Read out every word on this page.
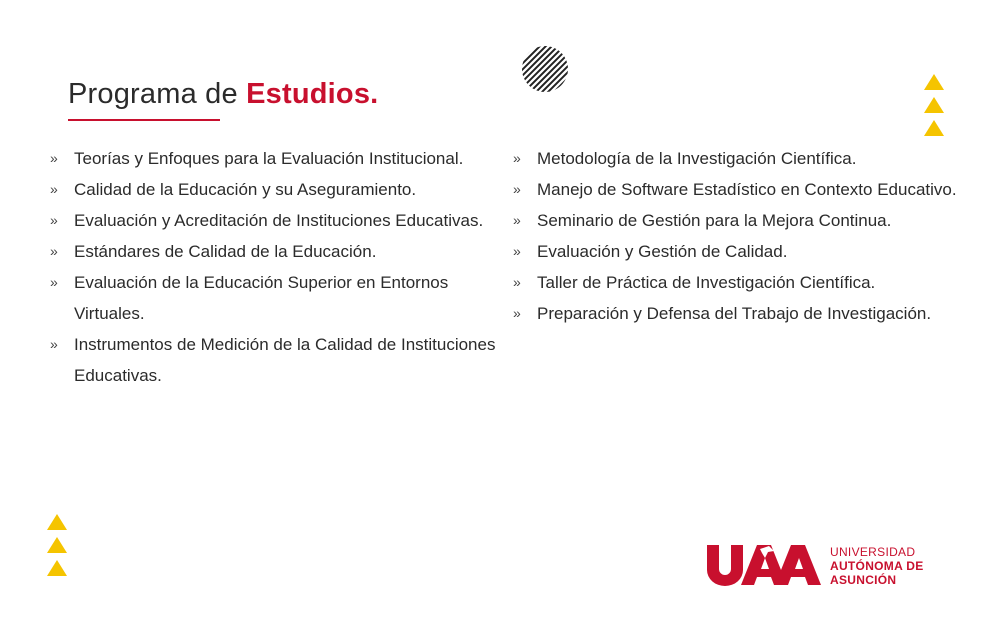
Programa de Estudios.
» Teorías y Enfoques para la Evaluación Institucional.
» Calidad de la Educación y su Aseguramiento.
» Evaluación y Acreditación de Instituciones Educativas.
» Estándares de Calidad de la Educación.
» Evaluación de la Educación Superior en Entornos Virtuales.
» Instrumentos de Medición de la Calidad de Instituciones Educativas.
» Metodología de la Investigación Científica.
» Manejo de Software Estadístico en Contexto Educativo.
» Seminario de Gestión para la Mejora Continua.
» Evaluación y Gestión de Calidad.
» Taller de Práctica de Investigación Científica.
» Preparación y Defensa del Trabajo de Investigación.
UNIVERSIDAD
AUTÓNOMA DE
ASUNCIÓN
